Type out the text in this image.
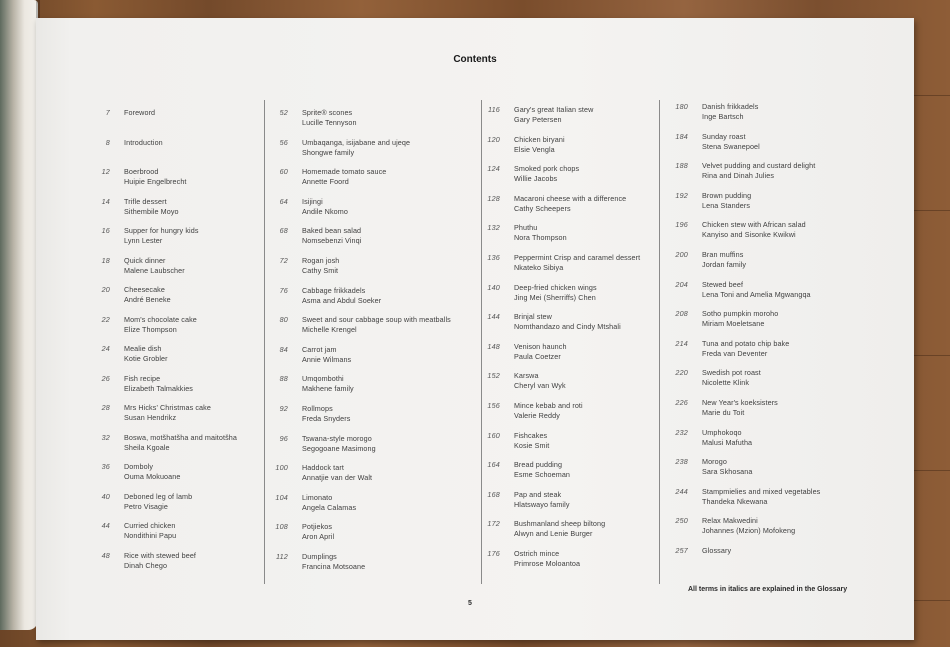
Contents
7 Foreword
8 Introduction
12 Boerbrood
Huipie Engelbrecht
14 Trifle dessert
Sithembile Moyo
16 Supper for hungry kids
Lynn Lester
18 Quick dinner
Malene Laubscher
20 Cheesecake
André Beneke
22 Mom's chocolate cake
Elize Thompson
24 Mealie dish
Kotie Grobler
26 Fish recipe
Elizabeth Talmakkies
28 Mrs Hicks' Christmas cake
Susan Hendrikz
32 Boswa, motšhatšha and maitotšha
Sheila Kgoale
36 Domboly
Ouma Mokuoane
40 Deboned leg of lamb
Petro Visagie
44 Curried chicken
Nondithini Papu
48 Rice with stewed beef
Dinah Chego
52 Sprite® scones
Lucille Tennyson
56 Umbaqanga, isijabane and ujeqe
Shongwe family
60 Homemade tomato sauce
Annette Foord
64 Isijingi
Andile Nkomo
68 Baked bean salad
Nomsebenzi Vinqi
72 Rogan josh
Cathy Smit
76 Cabbage frikkadels
Asma and Abdul Soeker
80 Sweet and sour cabbage soup with meatballs
Michelle Krengel
84 Carrot jam
Annie Wilmans
88 Umqombothi
Makhene family
92 Rollmops
Freda Snyders
96 Tswana-style morogo
Segogoane Masimong
100 Haddock tart
Annatjie van der Walt
104 Limonato
Angela Calamas
108 Potjiekos
Aron April
112 Dumplings
Francina Motsoane
116 Gary's great Italian stew
Gary Petersen
120 Chicken biryani
Elsie Vengla
124 Smoked pork chops
Willie Jacobs
128 Macaroni cheese with a difference
Cathy Scheepers
132 Phuthu
Nora Thompson
136 Peppermint Crisp and caramel dessert
Nkateko Sibiya
140 Deep-fried chicken wings
Jing Mei (Sherriffs) Chen
144 Brinjal stew
Nomthandazo and Cindy Mtshali
148 Venison haunch
Paula Coetzer
152 Karswa
Cheryl van Wyk
156 Mince kebab and roti
Valerie Reddy
160 Fishcakes
Kosie Smit
164 Bread pudding
Esme Schoeman
168 Pap and steak
Hlatswayo family
172 Bushmanland sheep biltong
Alwyn and Lenie Burger
176 Ostrich mince
Primrose Moloantoa
180 Danish frikkadels
Inge Bartsch
184 Sunday roast
Stena Swanepoel
188 Velvet pudding and custard delight
Rina and Dinah Julies
192 Brown pudding
Lena Standers
196 Chicken stew with African salad
Kanyiso and Sisonke Kwikwi
200 Bran muffins
Jordan family
204 Stewed beef
Lena Toni and Amelia Mgwangqa
208 Sotho pumpkin moroho
Miriam Moeletsane
214 Tuna and potato chip bake
Freda van Deventer
220 Swedish pot roast
Nicolette Klink
226 New Year's koeksisters
Marie du Toit
232 Umphokoqo
Malusi Mafutha
238 Morogo
Sara Skhosana
244 Stampmielies and mixed vegetables
Thandeka Nkewana
250 Relax Makwedini
Johannes (Mzion) Mofokeng
257 Glossary
All terms in italics are explained in the Glossary
5
